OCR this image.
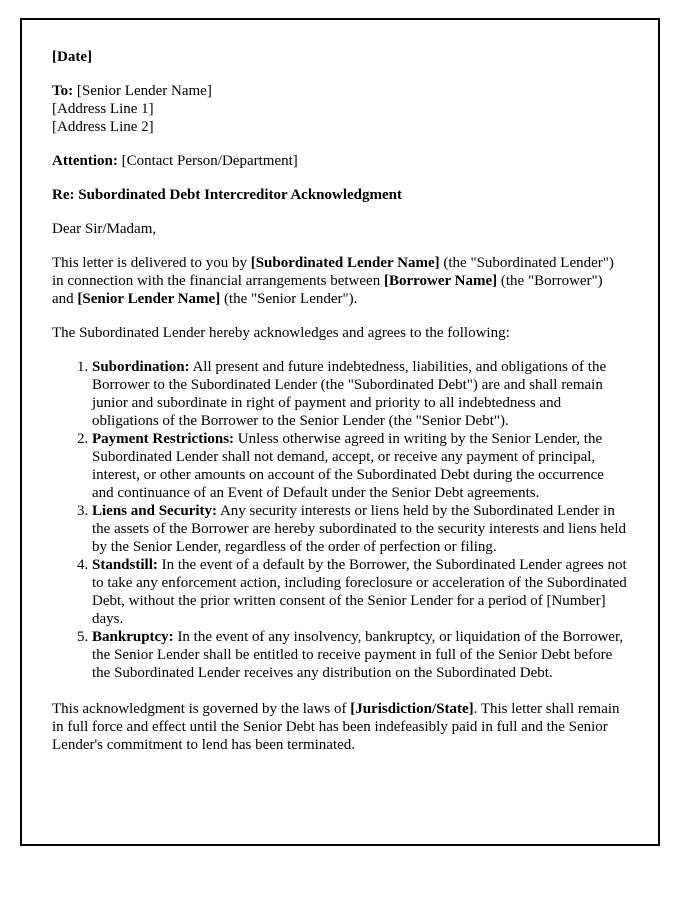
[Date]
To: [Senior Lender Name]
[Address Line 1]
[Address Line 2]
Attention: [Contact Person/Department]
Re: Subordinated Debt Intercreditor Acknowledgment
Dear Sir/Madam,
This letter is delivered to you by [Subordinated Lender Name] (the "Subordinated Lender") in connection with the financial arrangements between [Borrower Name] (the "Borrower") and [Senior Lender Name] (the "Senior Lender").
The Subordinated Lender hereby acknowledges and agrees to the following:
1. Subordination: All present and future indebtedness, liabilities, and obligations of the Borrower to the Subordinated Lender (the "Subordinated Debt") are and shall remain junior and subordinate in right of payment and priority to all indebtedness and obligations of the Borrower to the Senior Lender (the "Senior Debt").
2. Payment Restrictions: Unless otherwise agreed in writing by the Senior Lender, the Subordinated Lender shall not demand, accept, or receive any payment of principal, interest, or other amounts on account of the Subordinated Debt during the occurrence and continuance of an Event of Default under the Senior Debt agreements.
3. Liens and Security: Any security interests or liens held by the Subordinated Lender in the assets of the Borrower are hereby subordinated to the security interests and liens held by the Senior Lender, regardless of the order of perfection or filing.
4. Standstill: In the event of a default by the Borrower, the Subordinated Lender agrees not to take any enforcement action, including foreclosure or acceleration of the Subordinated Debt, without the prior written consent of the Senior Lender for a period of [Number] days.
5. Bankruptcy: In the event of any insolvency, bankruptcy, or liquidation of the Borrower, the Senior Lender shall be entitled to receive payment in full of the Senior Debt before the Subordinated Lender receives any distribution on the Subordinated Debt.
This acknowledgment is governed by the laws of [Jurisdiction/State]. This letter shall remain in full force and effect until the Senior Debt has been indefeasibly paid in full and the Senior Lender's commitment to lend has been terminated.
